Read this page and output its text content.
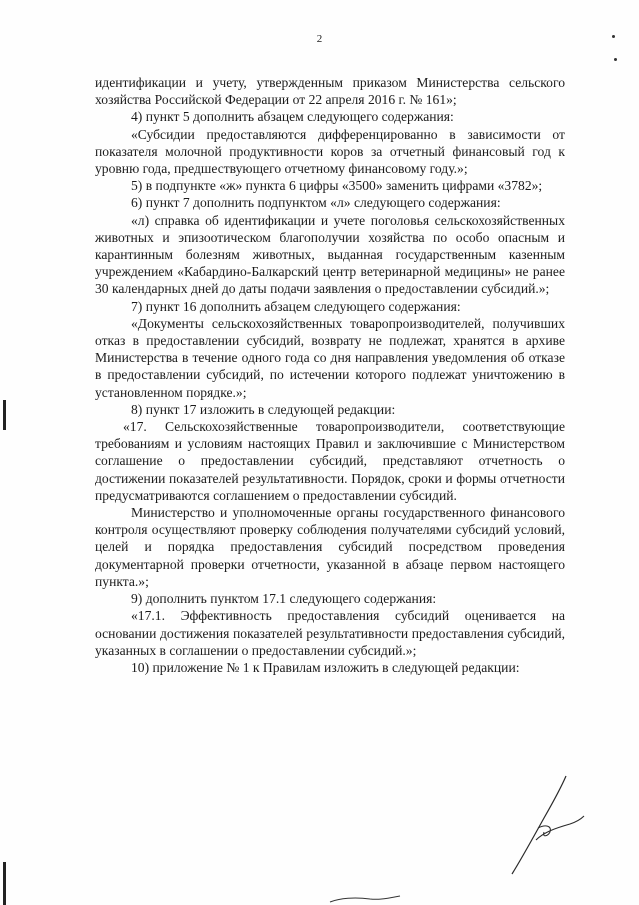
2

идентификации и учету, утвержденным приказом Министерства сельского хозяйства Российской Федерации от 22 апреля 2016 г. № 161»;

4) пункт 5 дополнить абзацем следующего содержания:

«Субсидии предоставляются дифференцированно в зависимости от показателя молочной продуктивности коров за отчетный финансовый год к уровню года, предшествующего отчетному финансовому году.»;

5) в подпункте «ж» пункта 6 цифры «3500» заменить цифрами «3782»;

6) пункт 7 дополнить подпунктом «л» следующего содержания:

«л) справка об идентификации и учете поголовья сельскохозяйственных животных и эпизоотическом благополучии хозяйства по особо опасным и карантинным болезням животных, выданная государственным казенным учреждением «Кабардино-Балкарский центр ветеринарной медицины» не ранее 30 календарных дней до даты подачи заявления о предоставлении субсидий.»;

7) пункт 16 дополнить абзацем следующего содержания:

«Документы сельскохозяйственных товаропроизводителей, получивших отказ в предоставлении субсидий, возврату не подлежат, хранятся в архиве Министерства в течение одного года со дня направления уведомления об отказе в предоставлении субсидий, по истечении которого подлежат уничтожению в установленном порядке.»;

8) пункт 17 изложить в следующей редакции:

«17. Сельскохозяйственные товаропроизводители, соответствующие требованиям и условиям настоящих Правил и заключившие с Министерством соглашение о предоставлении субсидий, представляют отчетность о достижении показателей результативности. Порядок, сроки и формы отчетности предусматриваются соглашением о предоставлении субсидий.

Министерство и уполномоченные органы государственного финансового контроля осуществляют проверку соблюдения получателями субсидий условий, целей и порядка предоставления субсидий посредством проведения документарной проверки отчетности, указанной в абзаце первом настоящего пункта.»;

9) дополнить пунктом 17.1 следующего содержания:

«17.1. Эффективность предоставления субсидий оценивается на основании достижения показателей результативности предоставления субсидий, указанных в соглашении о предоставлении субсидий.»;

10) приложение № 1 к Правилам изложить в следующей редакции:
